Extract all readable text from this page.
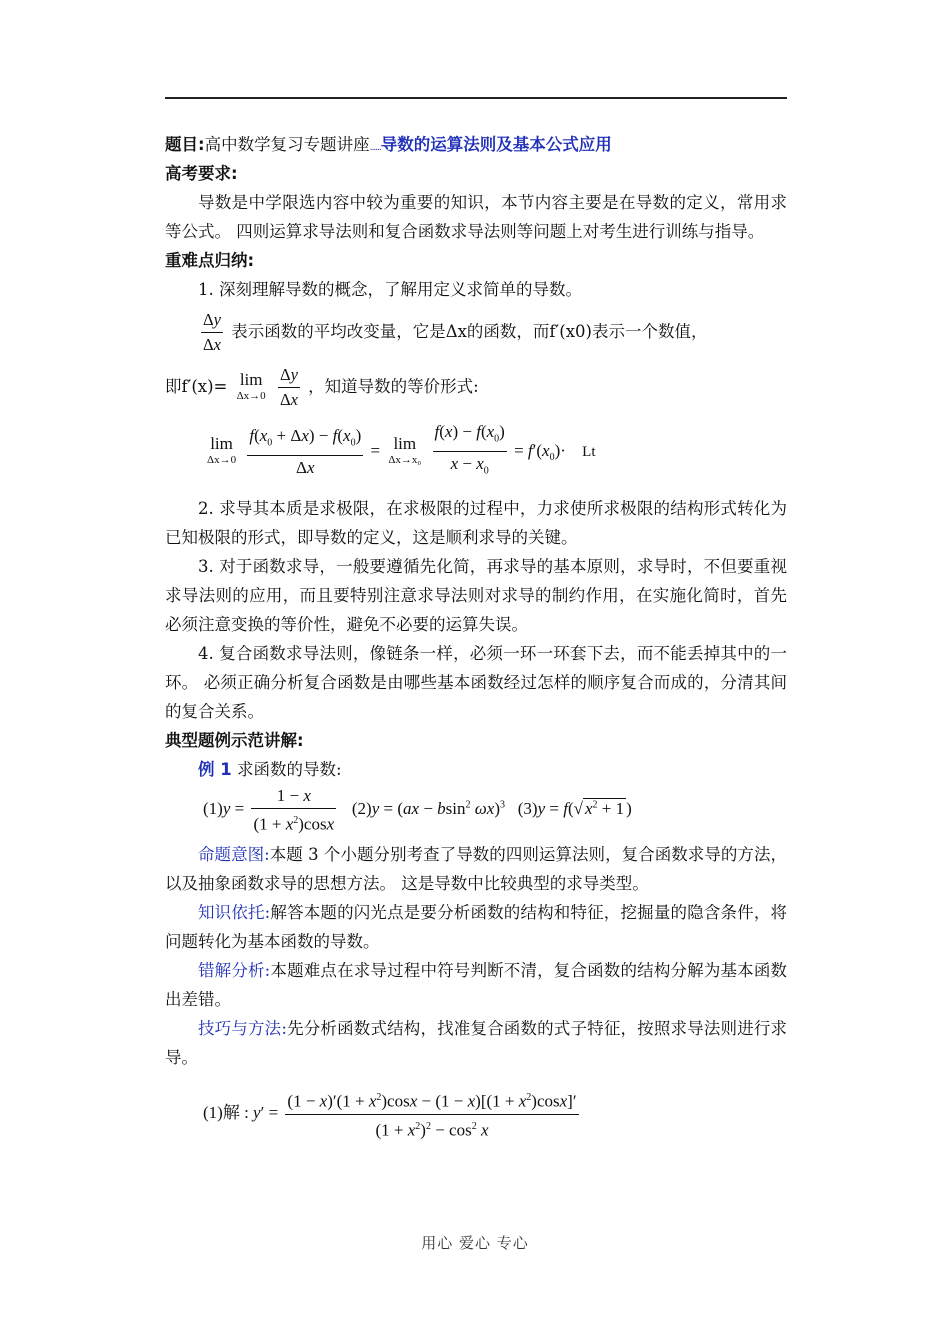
题目:高中数学复习专题讲座......导数的运算法则及基本公式应用
高考要求:

导数是中学限选内容中较为重要的知识，本节内容主要是在导数的定义，常用求等公式。 四则运算求导法则和复合函数求导法则等问题上对考生进行训练与指导。

重难点归纳:

1. 深刻理解导数的概念，了解用定义求简单的导数。

$\frac{\Delta y}{\Delta x}$ 表示函数的平均改变量，它是Δx的函数，而f′(x0)表示一个数值，
即f′(x)= lim
Δx→0
$\frac{\Delta y}{\Delta x}$ ，知道导数的等价形式:
lim
Δx→0
$\frac{f(x_0 + \Delta x) - f(x_0)}{\Delta x} = \lim$
Δx→x₀
$\frac{f(x) - f(x_0)}{x - x_0} = f'(x_0)\cdot Lt$

2. 求导其本质是求极限，在求极限的过程中，力求使所求极限的结构形式转化为已知极限的形式，即导数的定义，这是顺利求导的关键。

3. 对于函数求导，一般要遵循先化简，再求导的基本原则，求导时，不但要重视求导法则的应用，而且要特别注意求导法则对求导的制约作用，在实施化简时，首先必须注意变换的等价性，避免不必要的运算失误。

4. 复合函数求导法则，像链条一样，必须一环一环套下去，而不能丢掉其中的一环。 必须正确分析复合函数是由哪些基本函数经过怎样的顺序复合而成的，分清其间的复合关系。

典型题例示范讲解:
例 1 求函数的导数:
$(1)y = \frac{1 - x}{(1 + x^2)\cos x} (2)y = (ax - bsin^2$ ωx)$^3$   (3)y = f(√ $x^2 + 1$ )

命题意图:本题 3 个小题分别考查了导数的四则运算法则，复合函数求导的方法，以及抽象函数求导的思想方法。 这是导数中比较典型的求导类型。

知识依托:解答本题的闪光点是要分析函数的结构和特征，挖掘量的隐含条件，将问题转化为基本函数的导数。

错解分析:本题难点在求导过程中符号判断不清，复合函数的结构分解为基本函数出差错。

技巧与方法:先分析函数式结构，找准复合函数的式子特征，按照求导法则进行求导。

(1)解 : $y' = \frac{(1 - x)'(1 + x^2)\cos x - (1 - x)[(1 + x^2)\cos x]'}{(1 + x^2)^2 - \cos^2 x}$
用心 爱心 专心
